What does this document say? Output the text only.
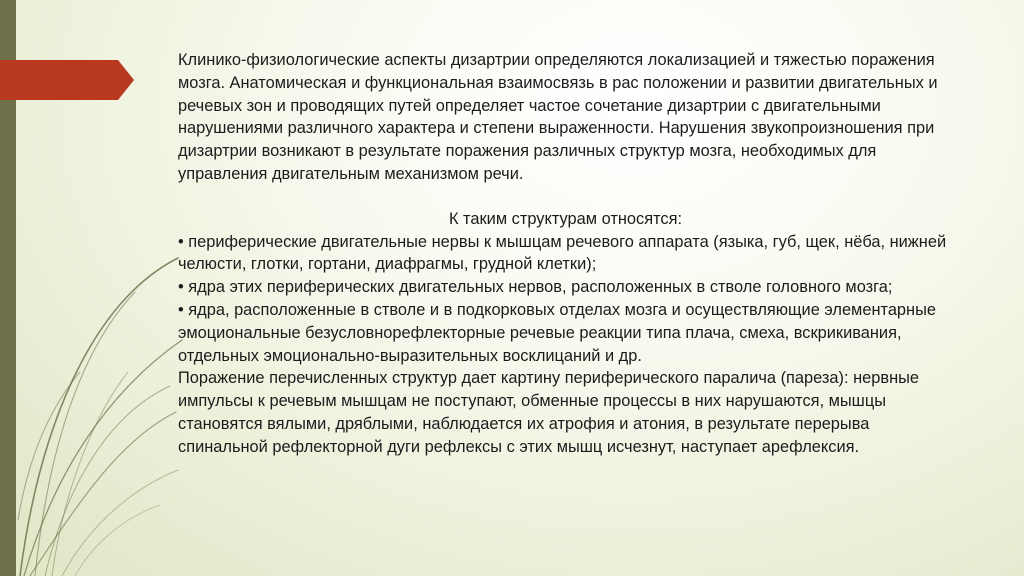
Клинико-физиологические аспекты дизартрии определяются локализацией и тяжестью поражения мозга. Анатомическая и функциональная взаимосвязь в рас положении и развитии двигательных и речевых зон и проводящих путей определяет частое сочетание дизартрии с двигательными нарушениями различного характера и степени выраженности. Нарушения звукопроизношения при дизартрии возникают в результате поражения различных структур мозга, необходимых для управления двигательным механизмом речи.

К таким структурам относятся:

• периферические двигательные нервы к мышцам речевого аппарата (языка, губ, щек, нёба, нижней челюсти, глотки, гортани, диафрагмы, грудной клетки);

• ядра этих периферических двигательных нервов, расположенных в стволе головного мозга;

• ядра, расположенные в стволе и в подкорковых отделах мозга и осуществляющие элементарные эмоциональные безусловнорефлекторные речевые реакции типа плача, смеха, вскрикивания, отдельных эмоционально-выразительных восклицаний и др.

Поражение перечисленных структур дает картину периферического паралича (пареза): нервные импульсы к речевым мышцам не поступают, обменные процессы в них нарушаются, мышцы становятся вялыми, дряблыми, наблюдается их атрофия и атония, в результате перерыва спинальной рефлекторной дуги рефлексы с этих мышц исчезнут, наступает арефлексия.
